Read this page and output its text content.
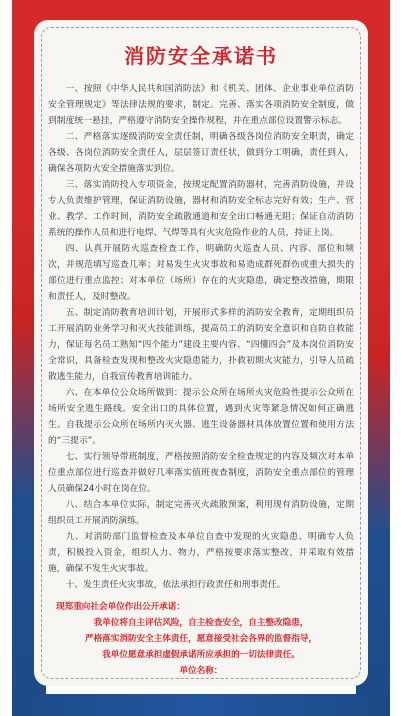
消防安全承诺书

一、按照《中华人民共和国消防法》和《机关、团体、企业事业单位消防安全管理规定》等法律法规的要求，制定。完善、落实各项消防安全制度，做到制度统一悬挂，严格遵守消防安全操作规程，并在重点部位设置警示标志。

二、严格落实逐级消防安全责任制，明确各级各岗位消防安全职责，确定各级、各岗位消防安全责任人，层层签订责任状，做到分工明确，责任到人，确保各项防火安全措施落实到位。

三、落实消防投入专项资金，按规定配置消防器材，完善消防设施，并设专人负责维护管理，保证消防设施，器材和消防安全标志完好有效；生产、营业、教学、工作时间，消防安全疏散通道和安全出口畅通无阻；保证自动消防系统的操作人员和进行电焊、气焊等具有火灾危险作业的人员，持证上岗。

四、认真开展防火巡查检查工作，明确防火巡查人员、内容、部位和频次，并规范填写巡查几率；对易发生火灾事故和易造成群死群伤或重大损失的部位进行重点监控；对本单位（场所）存在的火灾隐患，确定整改措施，期限和责任人，及时整改。

五、制定消防教育培训计划，开展形式多样的消防安全教育，定期组织员工开展消防业务学习和灭火技能训练，提高员工的消防安全意识和自防自救能力，保证每名员工熟知“四个能力”建设主要内容、“四懂四会”及本岗位消防安全常识，具备检查发现和整改火灾隐患能力，扑救初期火灾能力，引导人员疏散逃生能力，自我宣传教育培训能力。

六、在本单位公众场所做到：提示公众所在场所火灾危险性提示公众所在场所安全逃生路线。安全出口的具体位置，遇到火灾等紧急情况如何正确逃生。自我提示公众所在场所内灭火器、逃生设备器材具体放置位置和使用方法的“三提示”。

七、实行领导带班制度，严格按照消防安全检查规定的内容及频次对本单位重点部位进行巡查并做好几率落实值班夜查制度，消防安全重点部位的管理人员确保24小时在岗在位。

八、结合本单位实际，制定完善灭火疏散预案，利用现有消防设施，定期组织员工开展消防演练。

九、对消防部门监督检查及本单位自查中发现的火灾隐患、明确专人负责，积极投入资金，组织人力、物力，严格按要求落实整改，并采取有效措施，确保不发生火灾事故。

十、发生责任火灾事故，依法承担行政责任和刑事责任。

现郑重向社会单位作出公开承诺：
我单位将自主评估风险，自主检查安全，自主整改隐患，
严格落实消防安全主体责任，愿意接受社会各界的监督指导，
我单位愿意承担虚假承诺所应承担的一切法律责任。
单位名称：
